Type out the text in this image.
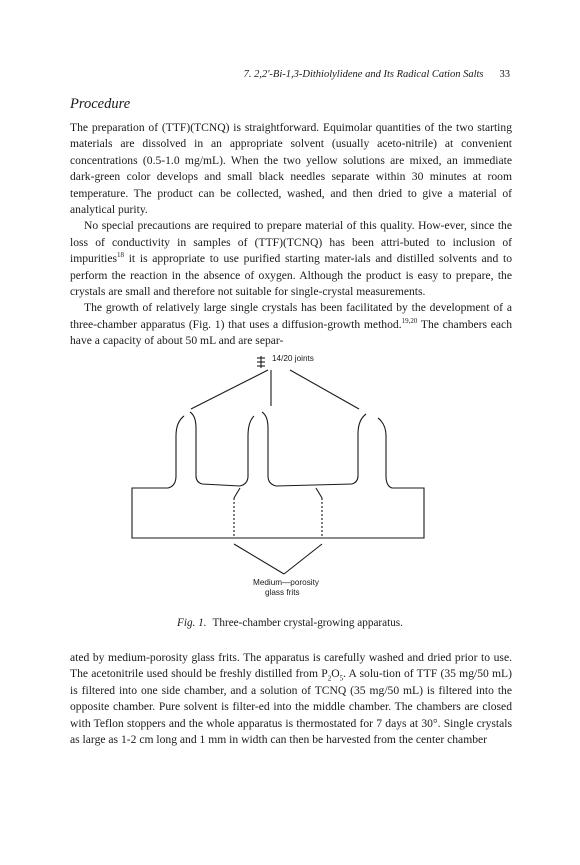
7. 2,2'-Bi-1,3-Dithiolylidene and Its Radical Cation Salts 33
Procedure

The preparation of (TTF)(TCNQ) is straightforward. Equimolar quantities of the two starting materials are dissolved in an appropriate solvent (usually aceto-nitrile) at convenient concentrations (0.5-1.0 mg/mL). When the two yellow solutions are mixed, an immediate dark-green color develops and small black needles separate within 30 minutes at room temperature. The product can be collected, washed, and then dried to give a material of analytical purity.

No special precautions are required to prepare material of this quality. How-ever, since the loss of conductivity in samples of (TTF)(TCNQ) has been attri-buted to inclusion of impurities$^{18}$ it is appropriate to use purified starting mater-ials and distilled solvents and to perform the reaction in the absence of oxygen. Although the product is easy to prepare, the crystals are small and therefore not suitable for single-crystal measurements.

The growth of relatively large single crystals has been facilitated by the development of a three-chamber apparatus (Fig. 1) that uses a diffusion-growth method.$^{19,20}$ The chambers each have a capacity of about 50 mL and are separ-

14/20 joints
Medium—porosity
glass frits
Fig. 1. Three-chamber crystal-growing apparatus.

ated by medium-porosity glass frits. The apparatus is carefully washed and dried prior to use. The acetonitrile used should be freshly distilled from $P_2O_5$. A solu-tion of TTF (35 mg/50 mL) is filtered into one side chamber, and a solution of TCNQ (35 mg/50 mL) is filtered into the opposite chamber. Pure solvent is filter-ed into the middle chamber. The chambers are closed with Teflon stoppers and the whole apparatus is thermostated for 7 days at 30°. Single crystals as large as 1-2 cm long and 1 mm in width can then be harvested from the center chamber
